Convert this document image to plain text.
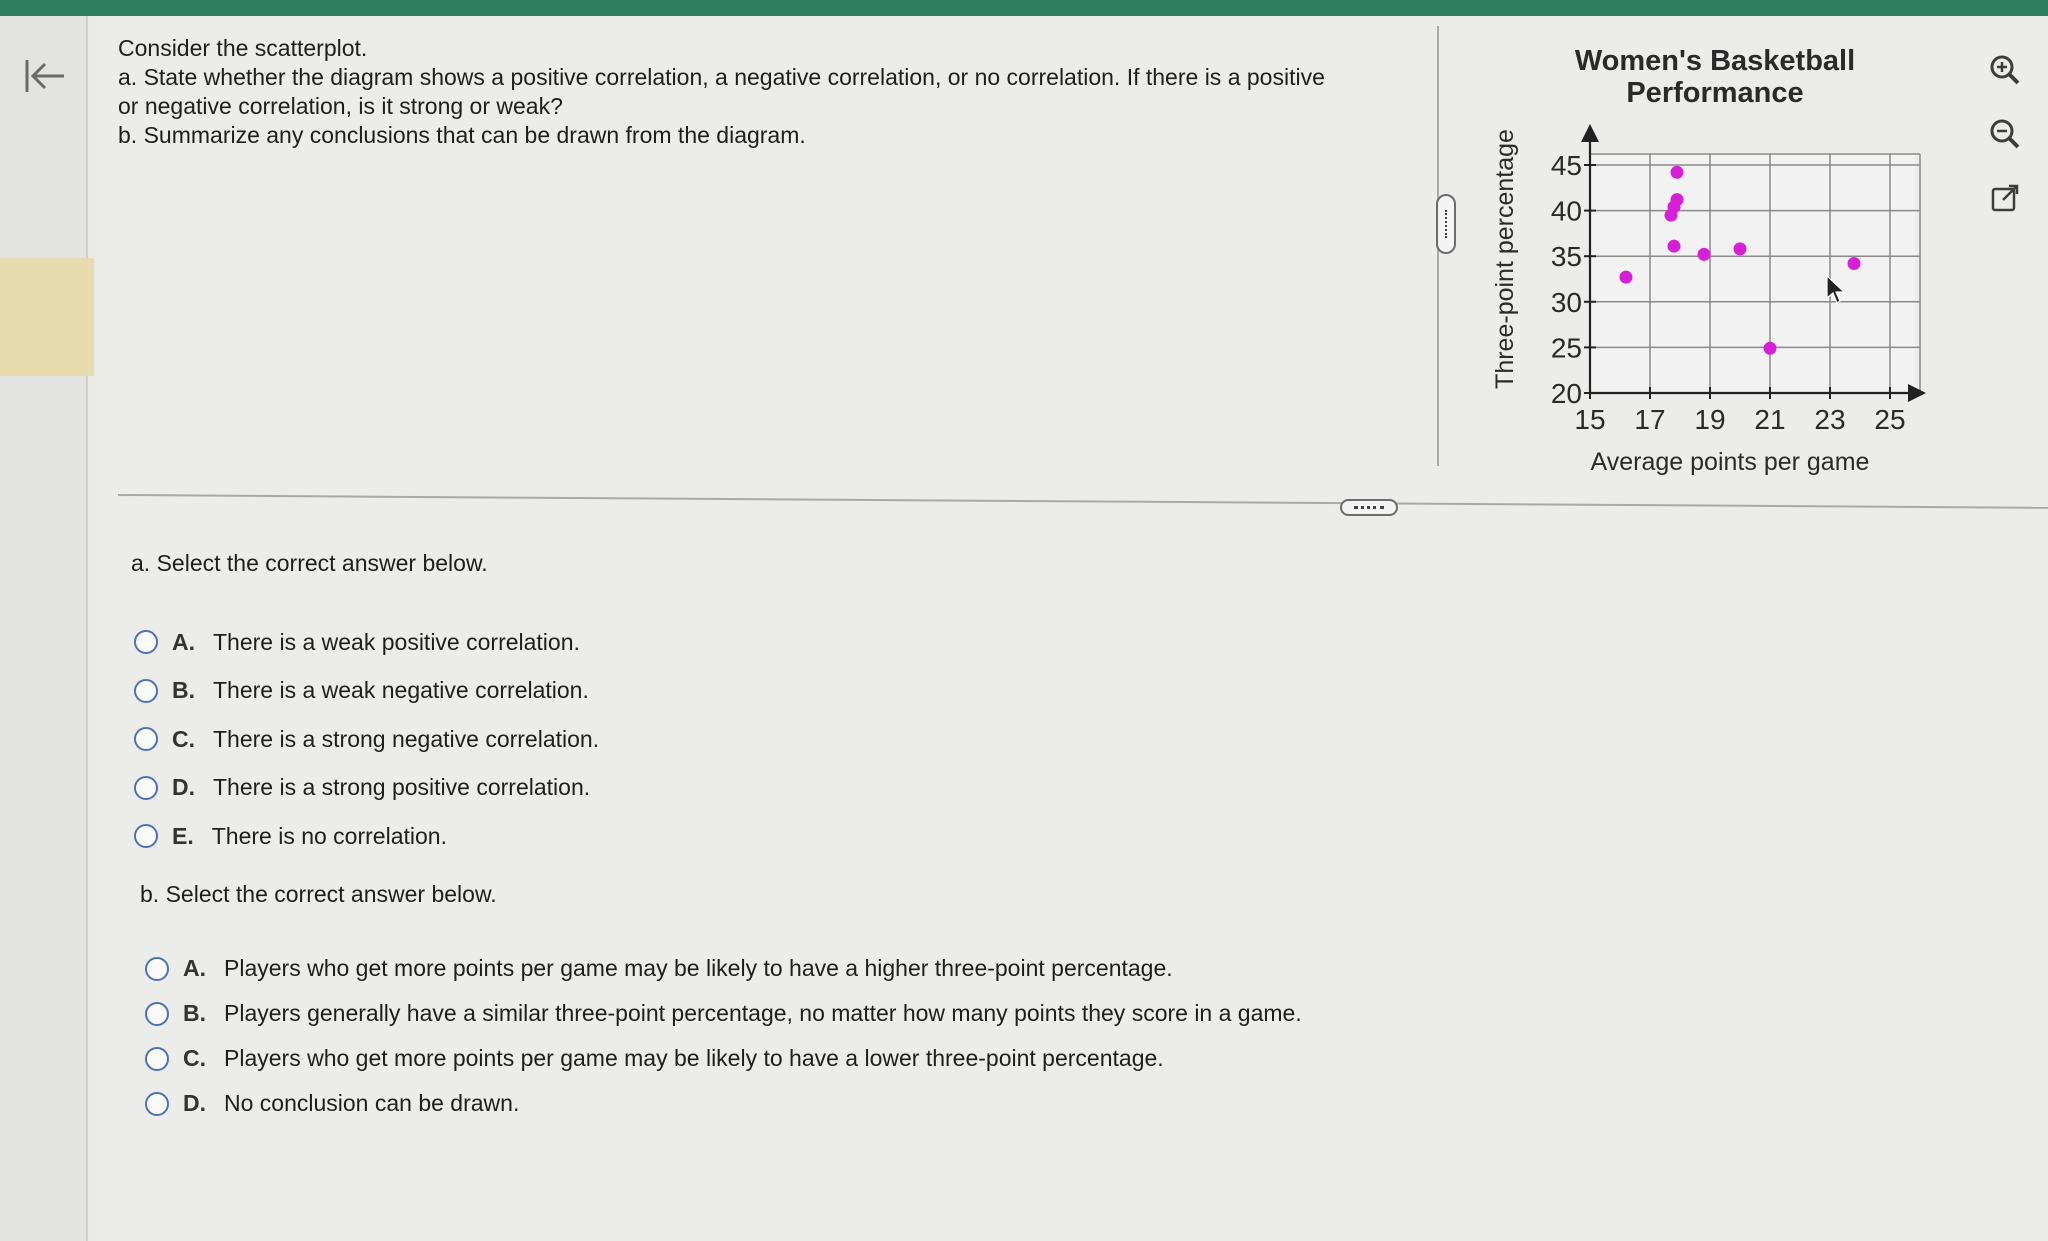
Consider the scatterplot.
a. State whether the diagram shows a positive correlation, a negative correlation, or no correlation. If there is a positive
or negative correlation, is it strong or weak?
b. Summarize any conclusions that can be drawn from the diagram.
Women's Basketball
Performance
15 17 19 21 23 25
20
25
30
35
40
45
Average points per game
Three-point percentage
a. Select the correct answer below.
A. There is a weak positive correlation.
B. There is a weak negative correlation.
C. There is a strong negative correlation.
D. There is a strong positive correlation.
E. There is no correlation.
b. Select the correct answer below.
A. Players who get more points per game may be likely to have a higher three-point percentage.
B. Players generally have a similar three-point percentage, no matter how many points they score in a game.
C. Players who get more points per game may be likely to have a lower three-point percentage.
D. No conclusion can be drawn.
